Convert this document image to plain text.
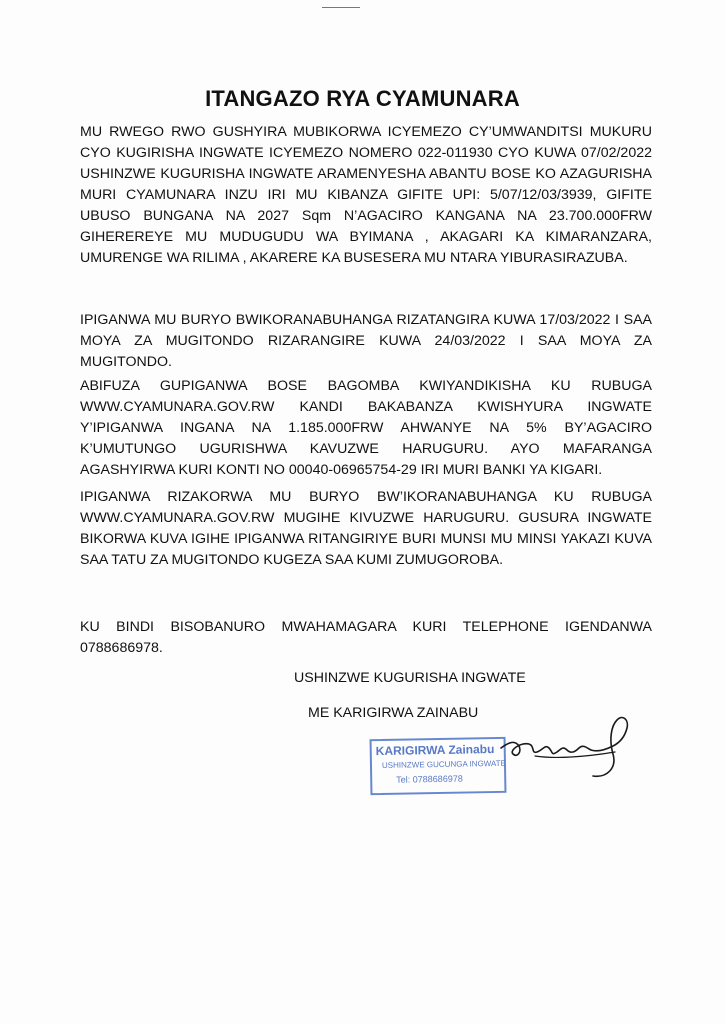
ITANGAZO RYA CYAMUNARA
MU RWEGO RWO GUSHYIRA MUBIKORWA ICYEMEZO CY’UMWANDITSI MUKURU CYO KUGIRISHA INGWATE ICYEMEZO NOMERO 022-011930 CYO KUWA 07/02/2022 USHINZWE KUGURISHA INGWATE ARAMENYESHA ABANTU BOSE KO AZAGURISHA MURI CYAMUNARA INZU IRI MU KIBANZA GIFITE UPI: 5/07/12/03/3939, GIFITE UBUSO BUNGANA NA 2027 Sqm N’AGACIRO KANGANA NA 23.700.000FRW GIHEREREYE MU MUDUGUDU WA BYIMANA , AKAGARI KA KIMARANZARA, UMURENGE WA RILIMA , AKARERE KA BUSESERA MU NTARA YIBURASIRAZUBA.
IPIGANWA MU BURYO BWIKORANABUHANGA RIZATANGIRA KUWA 17/03/2022 I SAA MOYA ZA MUGITONDO RIZARANGIRE KUWA 24/03/2022 I SAA MOYA ZA MUGITONDO.
ABIFUZA GUPIGANWA BOSE BAGOMBA KWIYANDIKISHA KU RUBUGA WWW.CYAMUNARA.GOV.RW KANDI BAKABANZA KWISHYURA INGWATE Y’IPIGANWA INGANA NA 1.185.000FRW AHWANYE NA 5% BY’AGACIRO K’UMUTUNGO UGURISHWA KAVUZWE HARUGURU. AYO MAFARANGA AGASHYIRWA KURI KONTI NO 00040-06965754-29 IRI MURI BANKI YA KIGARI.
IPIGANWA RIZAKORWA MU BURYO BW’IKORANABUHANGA KU RUBUGA WWW.CYAMUNARA.GOV.RW MUGIHE KIVUZWE HARUGURU. GUSURA INGWATE BIKORWA KUVA IGIHE IPIGANWA RITANGIRIYE BURI MUNSI MU MINSI YAKAZI KUVA SAA TATU ZA MUGITONDO KUGEZA SAA KUMI ZUMUGOROBA.
KU BINDI BISOBANURO MWAHAMAGARA KURI TELEPHONE IGENDANWA 0788686978.
USHINZWE KUGURISHA INGWATE
ME KARIGIRWA ZAINABU
KARIGIRWA Zainabu
USHINZWE GUCUNGA INGWATE
Tel: 0788686978
